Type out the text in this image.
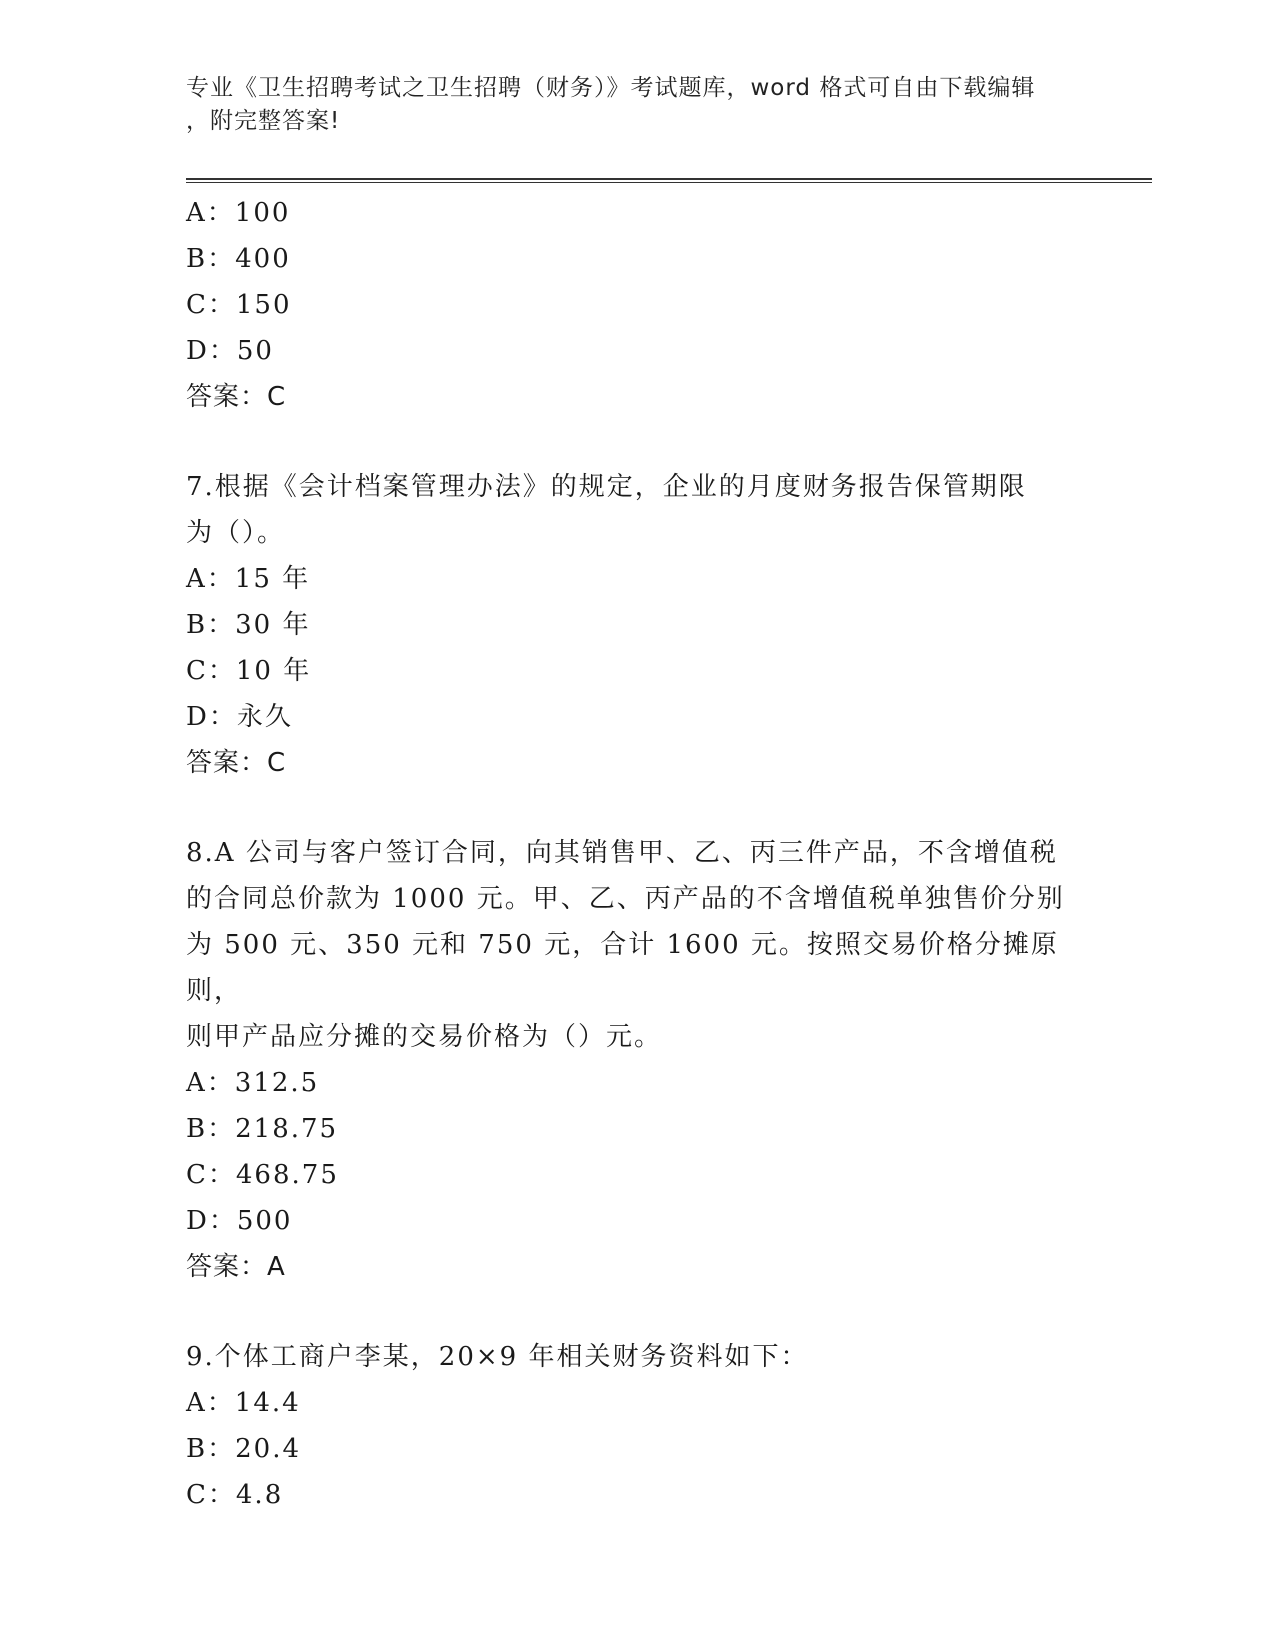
专业《卫生招聘考试之卫生招聘（财务）》考试题库，word 格式可自由下载编辑
，附完整答案!
A：100
B：400
C：150
D：50
答案：C
7.根据《会计档案管理办法》的规定，企业的月度财务报告保管期限
为（）。
A：15 年
B：30 年
C：10 年
D：永久
答案：C
8.A 公司与客户签订合同，向其销售甲、乙、丙三件产品，不含增值税
的合同总价款为 1000 元。甲、乙、丙产品的不含增值税单独售价分别
为 500 元、350 元和 750 元，合计 1600 元。按照交易价格分摊原则，
则甲产品应分摊的交易价格为（）元。
A：312.5
B：218.75
C：468.75
D：500
答案：A
9.个体工商户李某，20×9 年相关财务资料如下：
A：14.4
B：20.4
C：4.8
